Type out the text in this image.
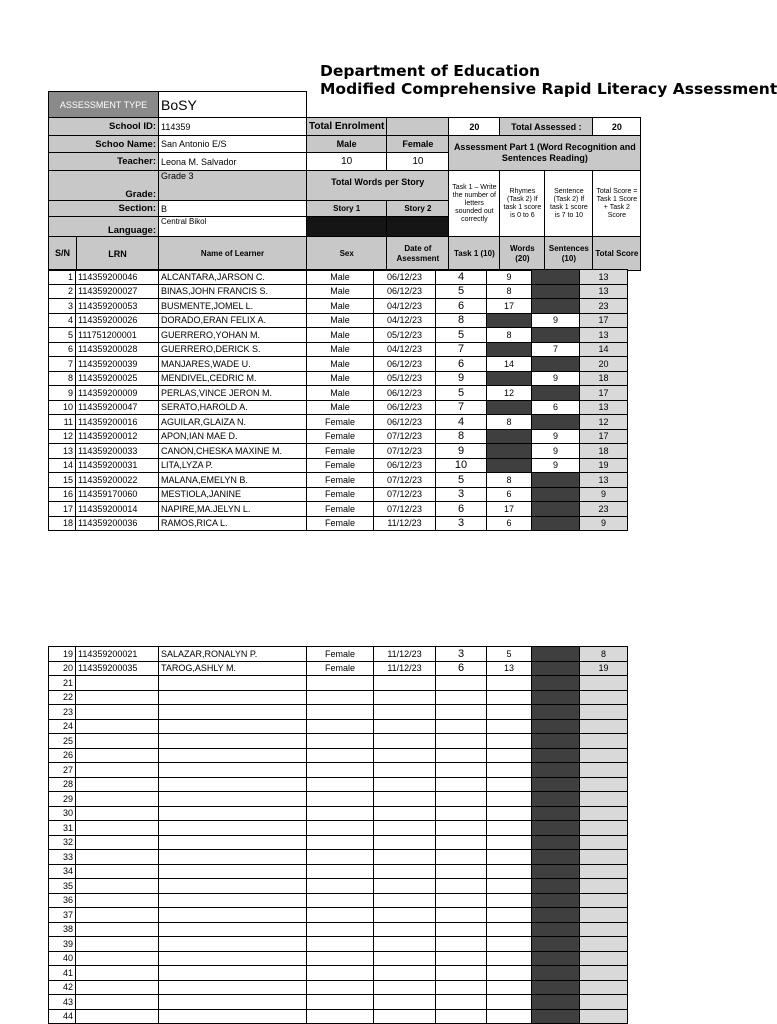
Department of Education
Modified Comprehensive Rapid Literacy Assessment
ASSESSMENT TYPE	BoSY						
School ID:	114359	Total Enrolment		20	Total Assessed :		20
Schoo Name:	San Antonio E/S	Male	Female	Assessment Part 1 (Word Recognition and Sentences Reading)			
Teacher:	Leona M. Salvador	10	10				
Grade:	Grade 3	Total Words per Story		Task 1 – Write the number of letters sounded out correctly	Rhymes (Task 2) If task 1 score is 0 to 6	Sentence (Task 2) If task 1 score is 7 to 10	Total Score = Task 1 Score + Task 2 Score
Section:	B	Story 1	Story 2				
Language:	Central Bikol						

S/N LRN	Name of Learner	Sex	Date of Asessment	Task 1 (10)	Words (20)	Sentences (10)	Total Score
1	114359200046	ALCANTARA,JARSON C.	Male	06/12/23	4	9		13
2	114359200027	BINAS,JOHN FRANCIS S.	Male	06/12/23	5	8		13
3	114359200053	BUSMENTE,JOMEL L.	Male	04/12/23	6	17		23
4	114359200026	DORADO,ERAN FELIX A.	Male	04/12/23	8		9	17
5	111751200001	GUERRERO,YOHAN M.	Male	05/12/23	5	8		13
6	114359200028	GUERRERO,DERICK S.	Male	04/12/23	7		7	14
7	114359200039	MANJARES,WADE U.	Male	06/12/23	6	14		20
8	114359200025	MENDIVEL,CEDRIC M.	Male	05/12/23	9		9	18
9	114359200009	PERLAS,VINCE JERON M.	Male	06/12/23	5	12		17
10	114359200047	SERATO,HAROLD A.	Male	06/12/23	7		6	13
11	114359200016	AGUILAR,GLAIZA N.	Female	06/12/23	4	8		12
12	114359200012	APON,IAN MAE D.	Female	07/12/23	8		9	17
13	114359200033	CANON,CHESKA MAXINE M.	Female	07/12/23	9		9	18
14	114359200031	LITA,LYZA P.	Female	06/12/23	10		9	19
15	114359200022	MALANA,EMELYN B.	Female	07/12/23	5	8		13
16	114359170060	MESTIOLA,JANINE	Female	07/12/23	3	6		9
17	114359200014	NAPIRE,MA.JELYN L.	Female	07/12/23	6	17		23
18	114359200036	RAMOS,RICA L.	Female	11/12/23	3	6		9
19	114359200021	SALAZAR,RONALYN P.	Female	11/12/23	3	5		8
20	114359200035	TAROG,ASHLY M.	Female	11/12/23	6	13		19
21								
22								
23								
24								
25								
26								
27								
28								
29								
30								
31								
32								
33								
34								
35								
36								
37								
38								
39								
40								
41								
42								
43								
44								
